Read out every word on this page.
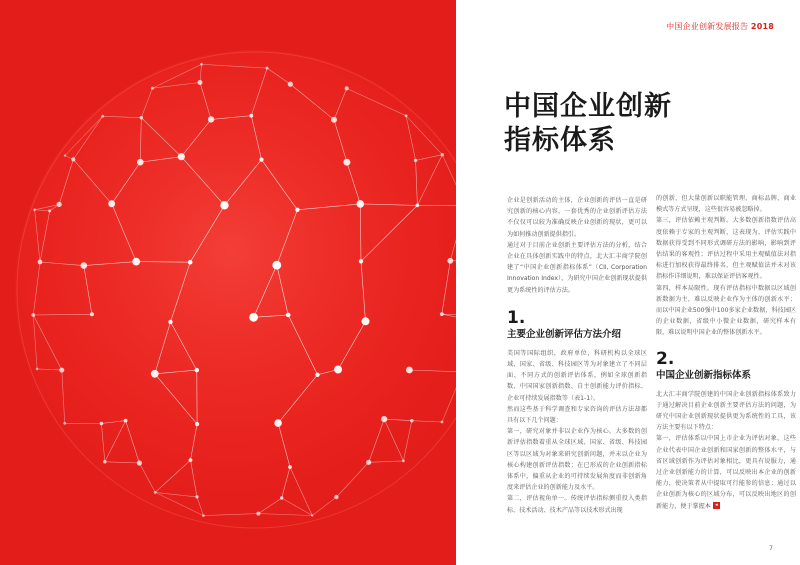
中国企业创新发展报告 2018
中国企业创新
指标体系

企业是创新活动的主体，企业创新的评估一直是研究创新的核心内容，一套优秀的企业创新评估方法不仅仅可以较为准确反映企业创新的现状，更可以为如何推动创新提供指引。

通过对于目前企业创新主要评估方法的分析，结合企业在具体创新实践中的特点，北大汇丰商学院创建了“中国企业创新指标体系”（CII, Corporation Innovation Index），为研究中国企业创新现状提供更为系统性的评估方法。

1.

主要企业创新评估方法介绍

美国等国际组织，政府单位，科研机构以全球区域、国家、省级、科技园区等为对象建立了不同层面、不同方式的创新评估体系，例如全球创新指数、中国国家创新指数、自主创新能力评价指标、企业可持续发展指数等（表1-1）。

然而这些基于科学调查和专家咨询的评估方法却都具有以下几个问题：

第一，研究对象并非以企业作为核心。大多数的创新评估指数着重从全球区域、国家、省级、科技园区等以区域为对象来研究创新问题，并未以企业为核心构建创新评估指数；在已形成的企业创新指标体系中，偏重从企业的可持续发展角度而非创新角度来评估企业的创新能力及水平。

第二，评估视角单一。传统评估指标侧重投入类指标、技术活动、技术产品等以技术形式出现

的创新，但大量创新以职能管理、商标品牌、商业模式等方式呈现，这些很容易被忽略掉。

第三，评估依赖主观判断。大多数创新指数评估高度依赖于专家的主观判断，这表现为，评估实践中数据获得受到不同形式调研方法的影响，影响到评估结果的客观性；评估过程中采用主观赋值法对指标进行加权获得最终排名，但主观赋值法并未对该指标作详细说明，难以保证评估客观性。

第四，样本局限性。现有评估指标中数据以区域创新数据为主，难以反映企业作为主体的创新水平；而以中国企业500强中100多家企业数据，科技园区的企业数据，省级中小微企业数据，研究样本有限，难以说明中国企业的整体创新水平。

2.

中国企业创新指标体系

北大汇丰商学院创建的中国企业创新指标体系致力于通过解决目前企业创新主要评估方法的问题，为研究中国企业创新现状提供更为系统性的工具，该方法主要有以下特点：

第一，评估体系以中国上市企业为评估对象，这些企业代表中国企业创新和国家创新的整体水平，与省区域创新作为评估对象相比，更具有说服力，通过企业创新能力的计算，可以反映出本企业的创新能力，使决策者从中提取可行能参的信息；通过以企业创新为核心的区域分布，可以反映出地区的创新能力，便于掌握本 ◂

7
